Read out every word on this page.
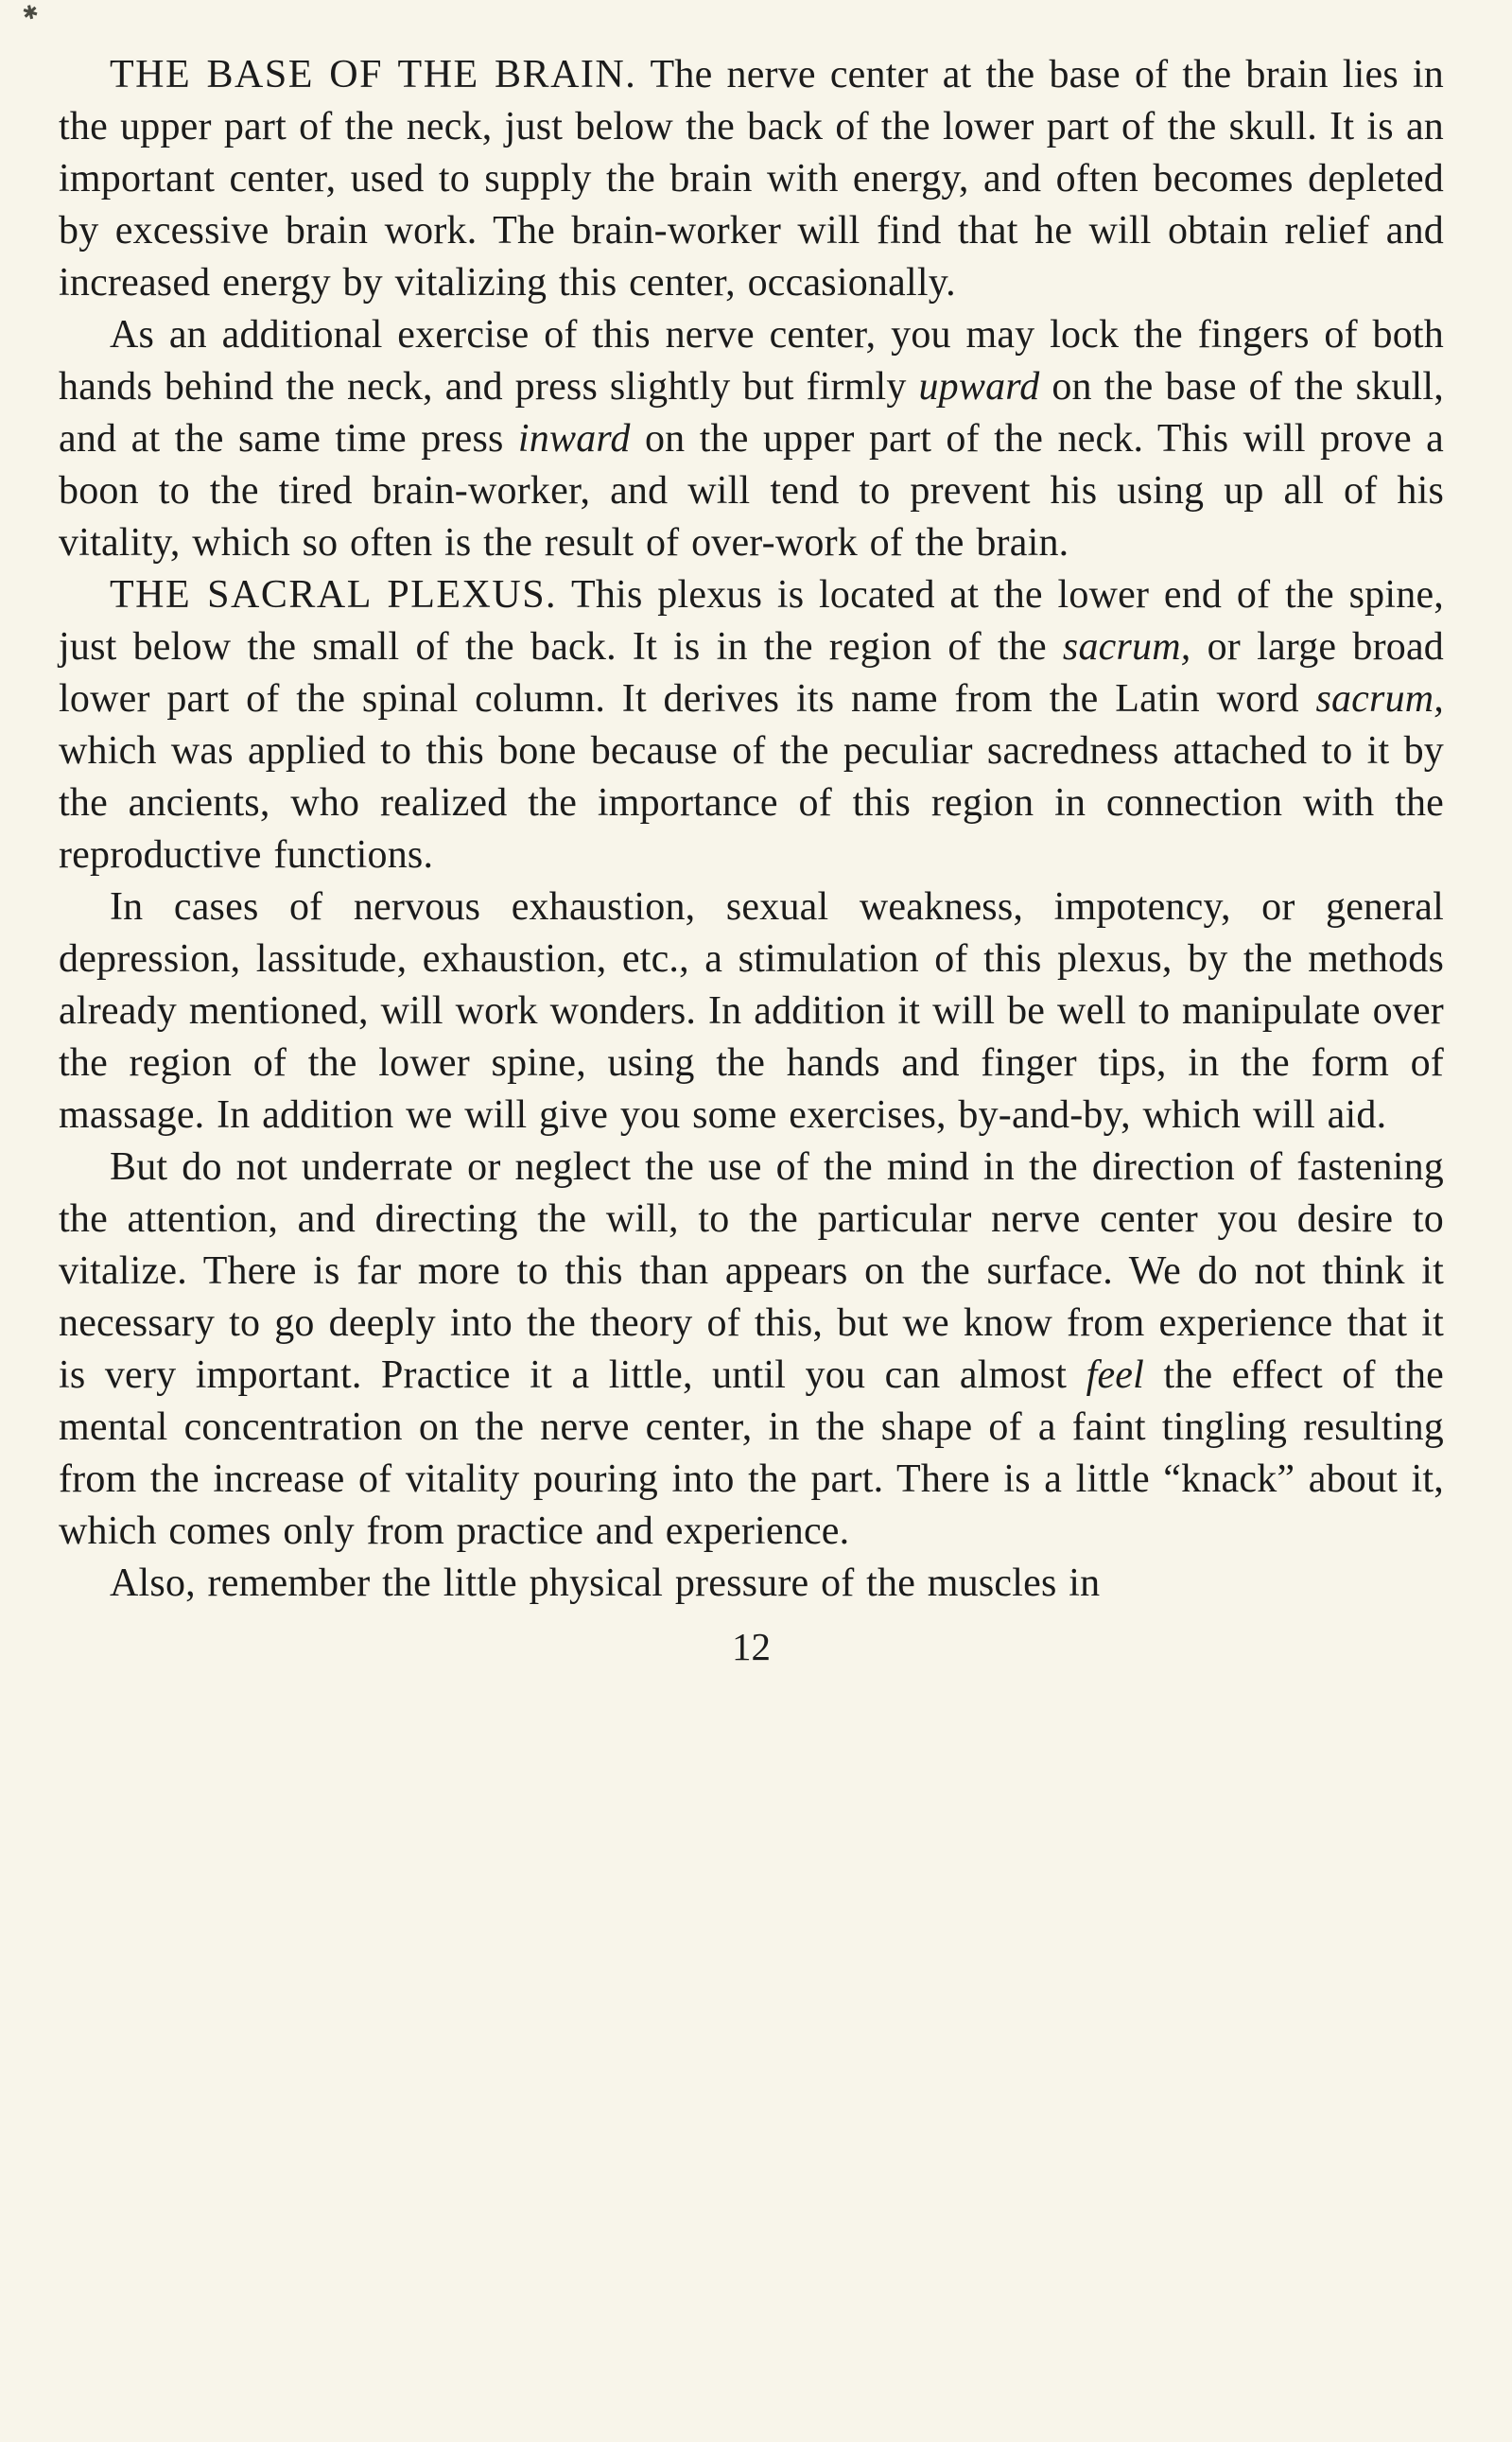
✱

THE BASE OF THE BRAIN. The nerve center at the base of the brain lies in the upper part of the neck, just below the back of the lower part of the skull. It is an important center, used to supply the brain with energy, and often becomes depleted by excessive brain work. The brain-worker will find that he will obtain relief and increased energy by vitalizing this center, occasionally.

As an additional exercise of this nerve center, you may lock the fingers of both hands behind the neck, and press slightly but firmly upward on the base of the skull, and at the same time press inward on the upper part of the neck. This will prove a boon to the tired brain-worker, and will tend to prevent his using up all of his vitality, which so often is the result of over-work of the brain.

THE SACRAL PLEXUS. This plexus is located at the lower end of the spine, just below the small of the back. It is in the region of the sacrum, or large broad lower part of the spinal column. It derives its name from the Latin word sacrum, which was applied to this bone because of the peculiar sacredness attached to it by the ancients, who realized the importance of this region in connection with the reproductive functions.

In cases of nervous exhaustion, sexual weakness, impotency, or general depression, lassitude, exhaustion, etc., a stimulation of this plexus, by the methods already mentioned, will work wonders. In addition it will be well to manipulate over the region of the lower spine, using the hands and finger tips, in the form of massage. In addition we will give you some exercises, by-and-by, which will aid.

But do not underrate or neglect the use of the mind in the direction of fastening the attention, and directing the will, to the particular nerve center you desire to vitalize. There is far more to this than appears on the surface. We do not think it necessary to go deeply into the theory of this, but we know from experience that it is very important. Practice it a little, until you can almost feel the effect of the mental concentration on the nerve center, in the shape of a faint tingling resulting from the increase of vitality pouring into the part. There is a little “knack” about it, which comes only from practice and experience.

Also, remember the little physical pressure of the muscles in

12
